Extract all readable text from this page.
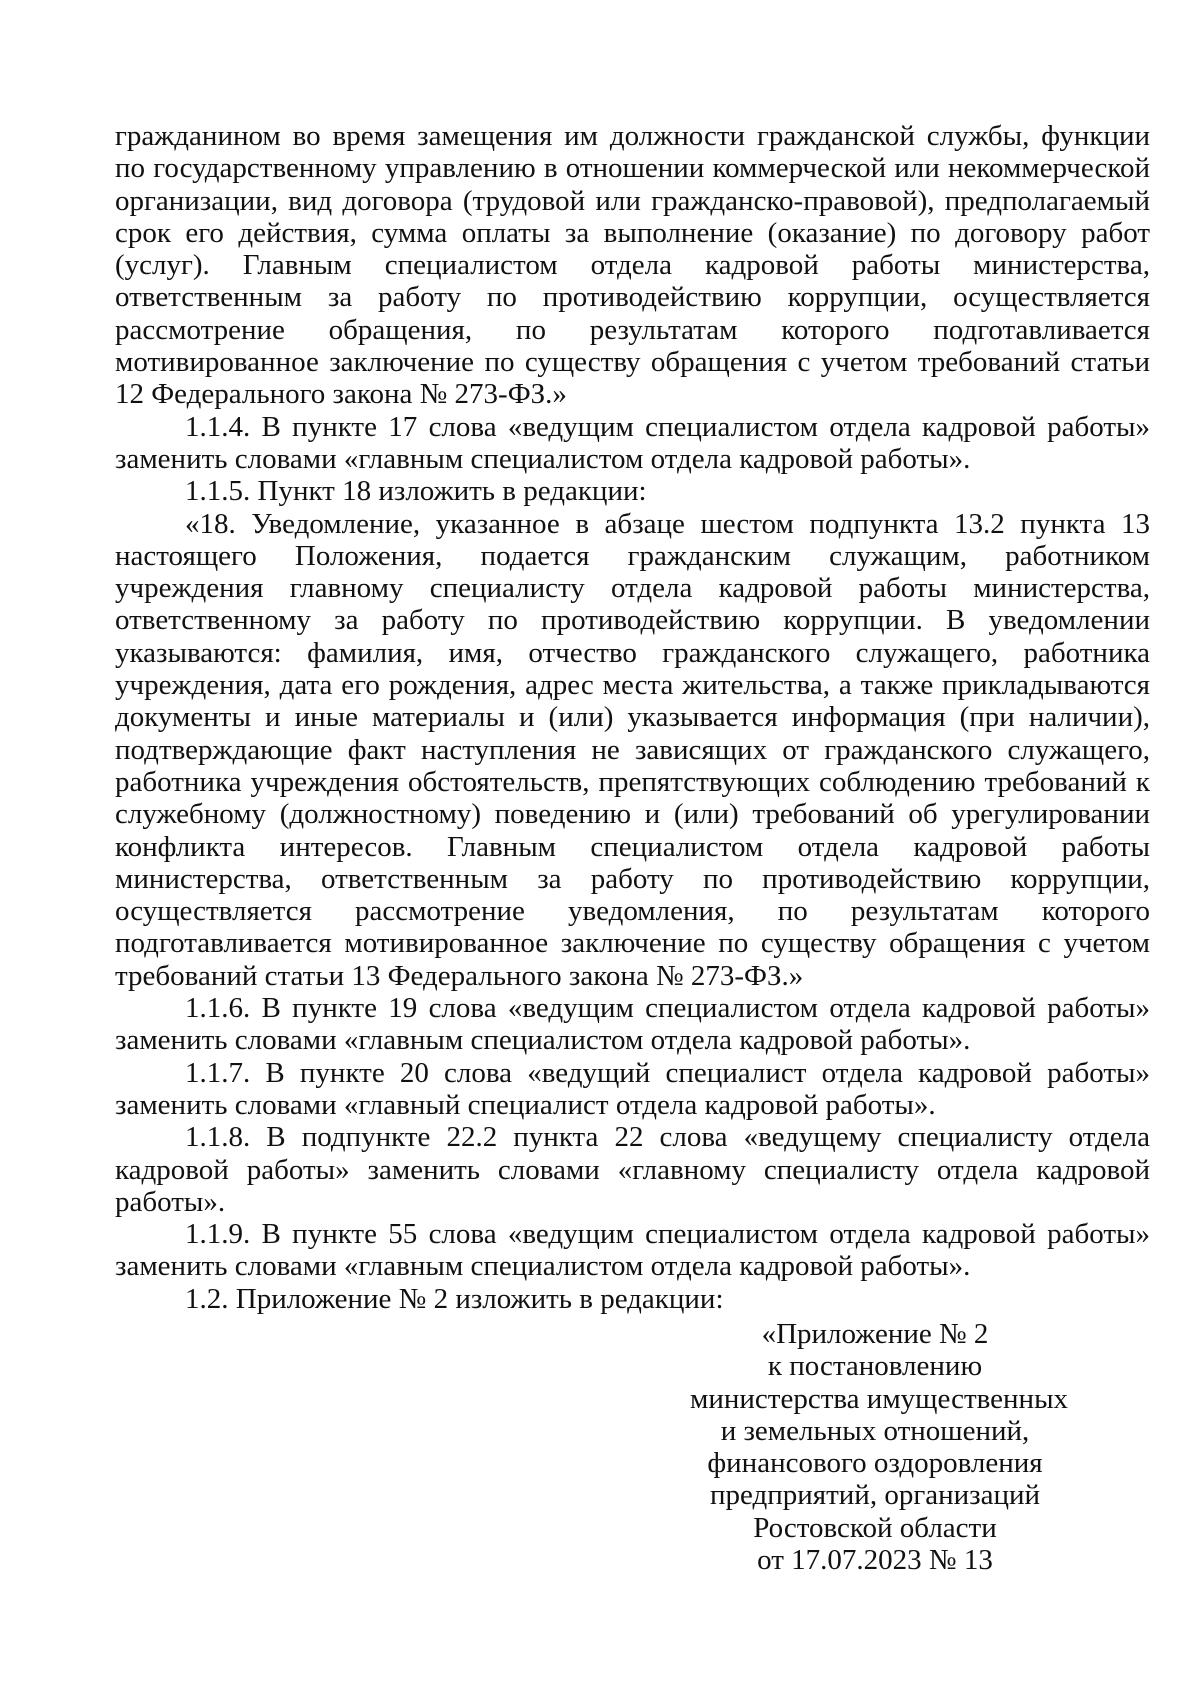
гражданином во время замещения им должности гражданской службы, функции по государственному управлению в отношении коммерческой или некоммерческой организации, вид договора (трудовой или гражданско-правовой), предполагаемый срок его действия, сумма оплаты за выполнение (оказание) по договору работ (услуг). Главным специалистом отдела кадровой работы министерства, ответственным за работу по противодействию коррупции, осуществляется рассмотрение обращения, по результатам которого подготавливается мотивированное заключение по существу обращения с учетом требований статьи 12 Федерального закона № 273-ФЗ.»

1.1.4. В пункте 17 слова «ведущим специалистом отдела кадровой работы» заменить словами «главным специалистом отдела кадровой работы».

1.1.5. Пункт 18 изложить в редакции:

«18. Уведомление, указанное в абзаце шестом подпункта 13.2 пункта 13 настоящего Положения, подается гражданским служащим, работником учреждения главному специалисту отдела кадровой работы министерства, ответственному за работу по противодействию коррупции. В уведомлении указываются: фамилия, имя, отчество гражданского служащего, работника учреждения, дата его рождения, адрес места жительства, а также прикладываются документы и иные материалы и (или) указывается информация (при наличии), подтверждающие факт наступления не зависящих от гражданского служащего, работника учреждения обстоятельств, препятствующих соблюдению требований к служебному (должностному) поведению и (или) требований об урегулировании конфликта интересов. Главным специалистом отдела кадровой работы министерства, ответственным за работу по противодействию коррупции, осуществляется рассмотрение уведомления, по результатам которого подготавливается мотивированное заключение по существу обращения с учетом требований статьи 13 Федерального закона № 273-ФЗ.»

1.1.6. В пункте 19 слова «ведущим специалистом отдела кадровой работы» заменить словами «главным специалистом отдела кадровой работы».

1.1.7. В пункте 20 слова «ведущий специалист отдела кадровой работы» заменить словами «главный специалист отдела кадровой работы».

1.1.8. В подпункте 22.2 пункта 22 слова «ведущему специалисту отдела кадровой работы» заменить словами «главному специалисту отдела кадровой работы».

1.1.9. В пункте 55 слова «ведущим специалистом отдела кадровой работы» заменить словами «главным специалистом отдела кадровой работы».

1.2. Приложение № 2 изложить в редакции:

«Приложение № 2
к постановлению
министерства имущественных
и земельных отношений,
финансового оздоровления
предприятий, организаций
Ростовской области
от 17.07.2023 № 13
